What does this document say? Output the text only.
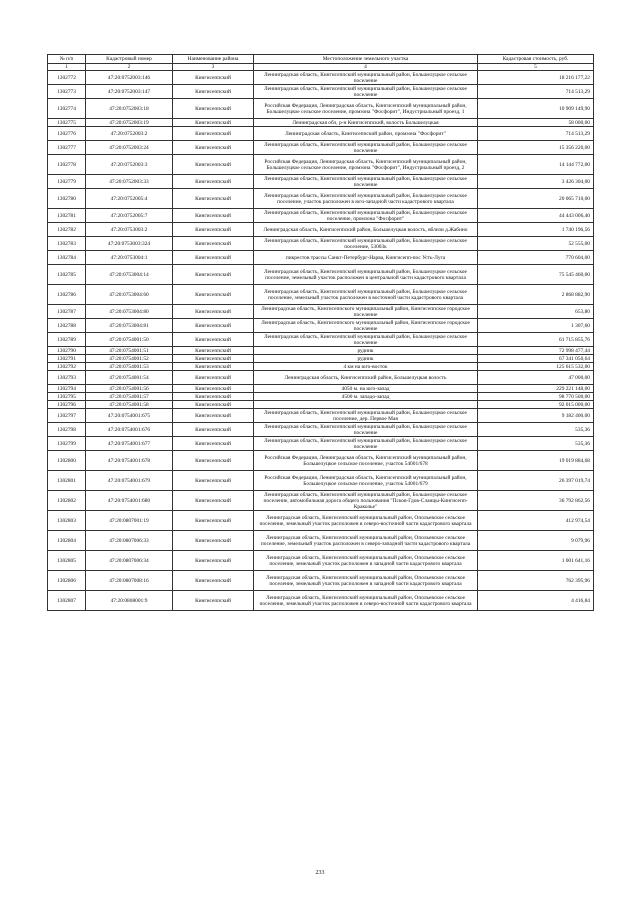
№ п/п	Кадастровый номер	Наименование района	Местоположение земельного участка	Кадастровая стоимость, руб.
1	2	3	4	5
1302772	47:20:0752003:146	Кингисеппский	Ленинградская область, Кингисеппский муниципальный район, Большелуцкое сельское поселение	18 216 177,22
1302773	47:20:0752003:147	Кингисеппский	Ленинградская область, Кингисеппский муниципальный район, Большелуцкое сельское поселение	714 513,29
1302774	47:20:0752003:18	Кингисеппский	Российская Федерация, Ленинградская область, Кингисеппский муниципальный район, Большелуцкое сельское поселение, промзона "Фосфорит", Индустриальный проезд, 1	10 909 149,90
1302775	47:20:0752003:19	Кингисеппский	Ленинградская обл, р-н Кингисеппский, волость Большелуцкая	58 000,00
1302776	47:20:0752003:2	Кингисеппский	Ленинградская область, Кингисеппский район, промзона "Фосфорит"	714 513,29
1302777	47:20:0752003:24	Кингисеппский	Ленинградская область, Кингисеппский муниципальный район, Большелуцкое сельское поселение	15 356 220,00
1302778	47:20:0752003:3	Кингисеппский	Российская Федерация, Ленинградская область, Кингисеппский муниципальный район, Большелуцкое сельское поселение, промзона "Фосфорит", Индустриальный проезд, 2	14 144 772,00
1302779	47:20:0752003:33	Кингисеппский	Ленинградская область, Кингисеппский муниципальный район, Большелуцкое сельское поселение	3 426 304,00
1302780	47:20:0752005:4	Кингисеппский	Ленинградская область, Кингисеппский муниципальный район, Большелуцкое сельское поселение, участок расположен в юго-западной части кадастрового квартала	20 065 710,00
1302781	47:20:0752005:7	Кингисеппский	Ленинградская область, Кингисеппский муниципальный район, Большелуцкое сельское поселение, промзона "Фосфорит"	44 443 006,40
1302782	47:20:0753003:2	Кингисеппский	Ленинградская область, Кингисеппский район, Большелуцкая волость, вблизи д.Жабино	1 740 196,56
1302783	47:20:0753003:324	Кингисеппский	Ленинградская область, Кингисеппский муниципальный район, Большелуцкое сельское поселение, 53003к	52 555,00
1302784	47:20:0753004:1	Кингисеппский	пикрестов трассы Санкт-Петербург-Нарва, Кингисепп-пос Усть-Луга	770 604,00
1302785	47:20:0753004:14	Кингисеппский	Ленинградская область, Кингисеппский муниципальный район, Большелуцкое сельское поселение, земельный участок расположен в центральной части кадастрового квартала	75 545 460,00
1302786	47:20:0753004:60	Кингисеппский	Ленинградская область, Кингисеппский муниципальный район, Большелуцкое сельское поселение, земельный участок расположен в восточной части кадастрового квартала	2 868 882,90
1302787	47:20:0753004:80	Кингисеппский	Ленинградская область, Кингисеппского муниципальный район, Кингисеппское городское поселение	653,80
1302788	47:20:0753004:81	Кингисеппский	Ленинградская область, Кингисеппского муниципальный район, Кингисеппское городское поселение	1 307,60
1302789	47:20:0754001:50	Кингисеппский	Ленинградская область, Кингисеппский муниципальный район, Большелуцкое сельское поселение	61 715 855,76
1302790	47:20:0754001:51	Кингисеппский	рудник	72 998 477,44
1302791	47:20:0754001:52	Кингисеппский	рудник	67 341 050,64
1302792	47:20:0754001:53	Кингисеппский	4 км на юго-восток	125 615 532,00
1302793	47:20:0754001:54	Кингисеппский	Ленинградская область, Кингисеппский район, Большелуцкая волость	47 000,00
1302794	47:20:0754001:56	Кингисеппский	4050 м. на юго-запад	229 221 148,00
1302795	47:20:0754001:57	Кингисеппский	4500 м. западо-запад	98 770 500,00
1302796	47:20:0754001:58	Кингисеппский		92 015 000,00
1302797	47:20:0754001:675	Кингисеппский	Ленинградская область, Кингисеппский муниципальный район, Большелуцкое сельское поселение, дер. Первое Мая	9 182 400,00
1302798	47:20:0754001:676	Кингисеппский	Ленинградская область, Кингисеппский муниципальный район, Большелуцкое сельское поселение	535,36
1302799	47:20:0754001:677	Кингисеппский	Ленинградская область, Кингисеппский муниципальный район, Большелуцкое сельское поселение	535,36
1302800	47:20:0754001:678	Кингисеппский	Российская Федерация, Ленинградская область, Кингисеппский муниципальный район, Большелуцкое сельское поселение, участок 54001/678	19 019 884,68
1302801	47:20:0754001:679	Кингисеппский	Российская Федерация, Ленинградская область, Кингисеппский муниципальный район, Большелуцкое сельское поселение, участок 54001/679	26 397 019,74
1302802	47:20:0754001:680	Кингисеппский	Ленинградская область, Кингисеппский муниципальный район, Большелуцкое сельское поселение, автомобильная дорога общего пользования "Псков-Гдов-Сланцы-Кингисепп-Краколье"	36 792 862,56
1302803	47:20:0807001:19	Кингисеппский	Ленинградская область, Кингисеппский муниципальный район, Опольевское сельское поселение, земельный участок расположен в северо-восточной части кадастрового квартала	412 974,54
1302804	47:20:0807006:33	Кингисеппский	Ленинградская область, Кингисеппский муниципальный район, Опольевское сельское поселение, земельный участок расположен в северо-западной части кадастрового квартала	9 079,96
1302805	47:20:0807006:34	Кингисеппский	Ленинградская область, Кингисеппский муниципальный район, Опольевское сельское поселение, земельный участок расположен в западной части кадастрового квартала	1 001 641,16
1302806	47:20:0807008:16	Кингисеппский	Ленинградская область, Кингисеппский муниципальный район, Опольевское сельское поселение, земельный участок расположен в западной части кадастрового квартала	762 395,96
1302807	47:20:0808001:9	Кингисеппский	Ленинградская область, Кингисеппский муниципальный район, Опольевское сельское поселение, земельный участок расположен в северо-восточной части кадастрового квартала	4 416,84
233
